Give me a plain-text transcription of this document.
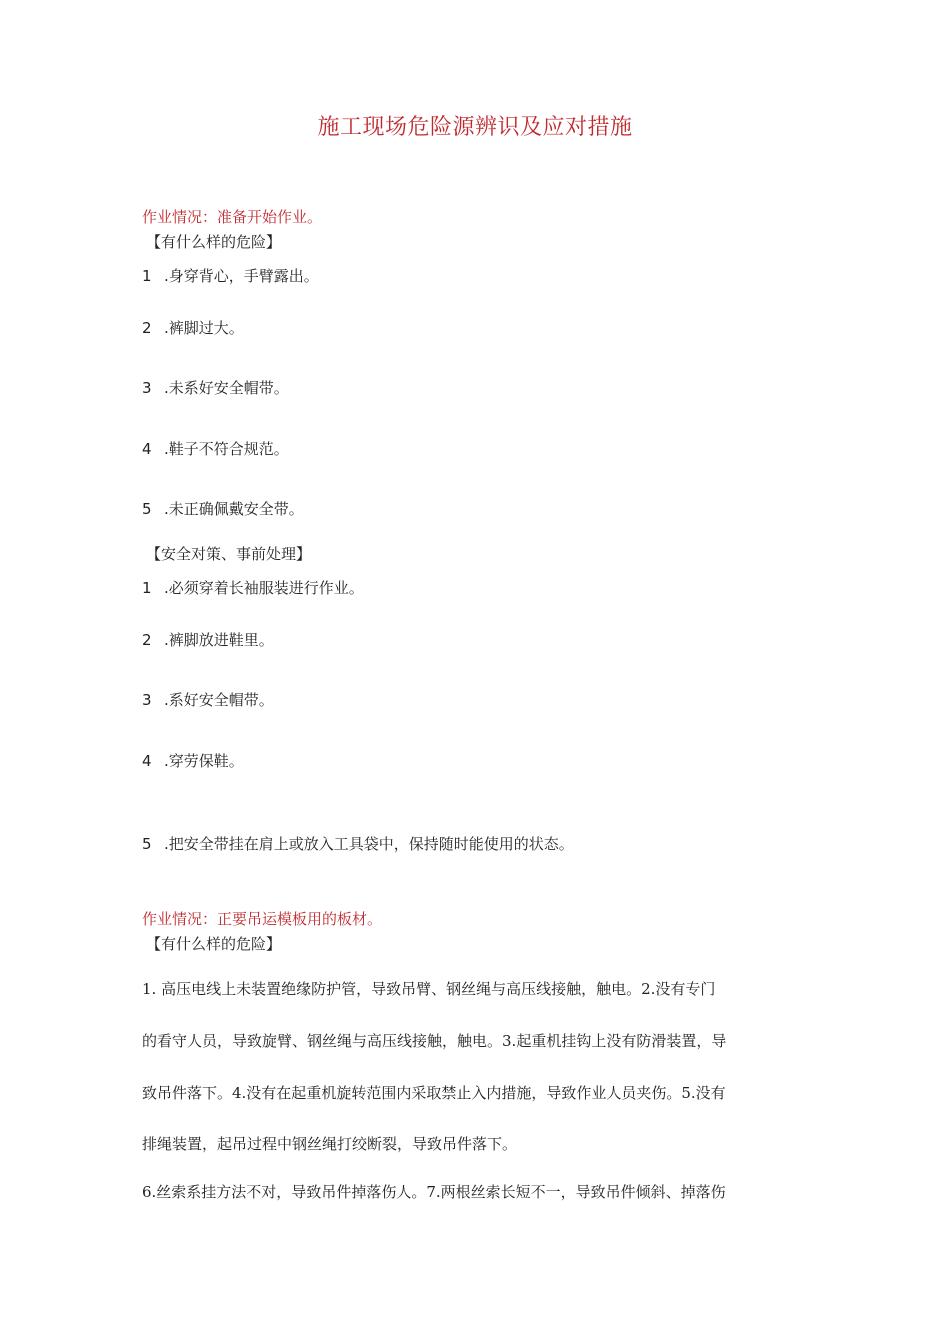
施工现场危险源辨识及应对措施
作业情况：准备开始作业。
【有什么样的危险】
1 .身穿背心，手臂露出。
2 .裤脚过大。
3 .未系好安全帽带。
4 .鞋子不符合规范。
5 .未正确佩戴安全带。
【安全对策、事前处理】
1 .必须穿着长袖服装进行作业。
2 .裤脚放进鞋里。
3 .系好安全帽带。
4 .穿劳保鞋。
5 .把安全带挂在肩上或放入工具袋中，保持随时能使用的状态。
作业情况：正要吊运模板用的板材。
【有什么样的危险】
1. 高压电线上未装置绝缘防护管，导致吊臂、钢丝绳与高压线接触，触电。2.没有专门
的看守人员，导致旋臂、钢丝绳与高压线接触，触电。3.起重机挂钩上没有防滑装置，导
致吊件落下。4.没有在起重机旋转范围内采取禁止入内措施，导致作业人员夹伤。5.没有
排绳装置，起吊过程中钢丝绳打绞断裂，导致吊件落下。
6.丝索系挂方法不对，导致吊件掉落伤人。7.两根丝索长短不一，导致吊件倾斜、掉落伤
